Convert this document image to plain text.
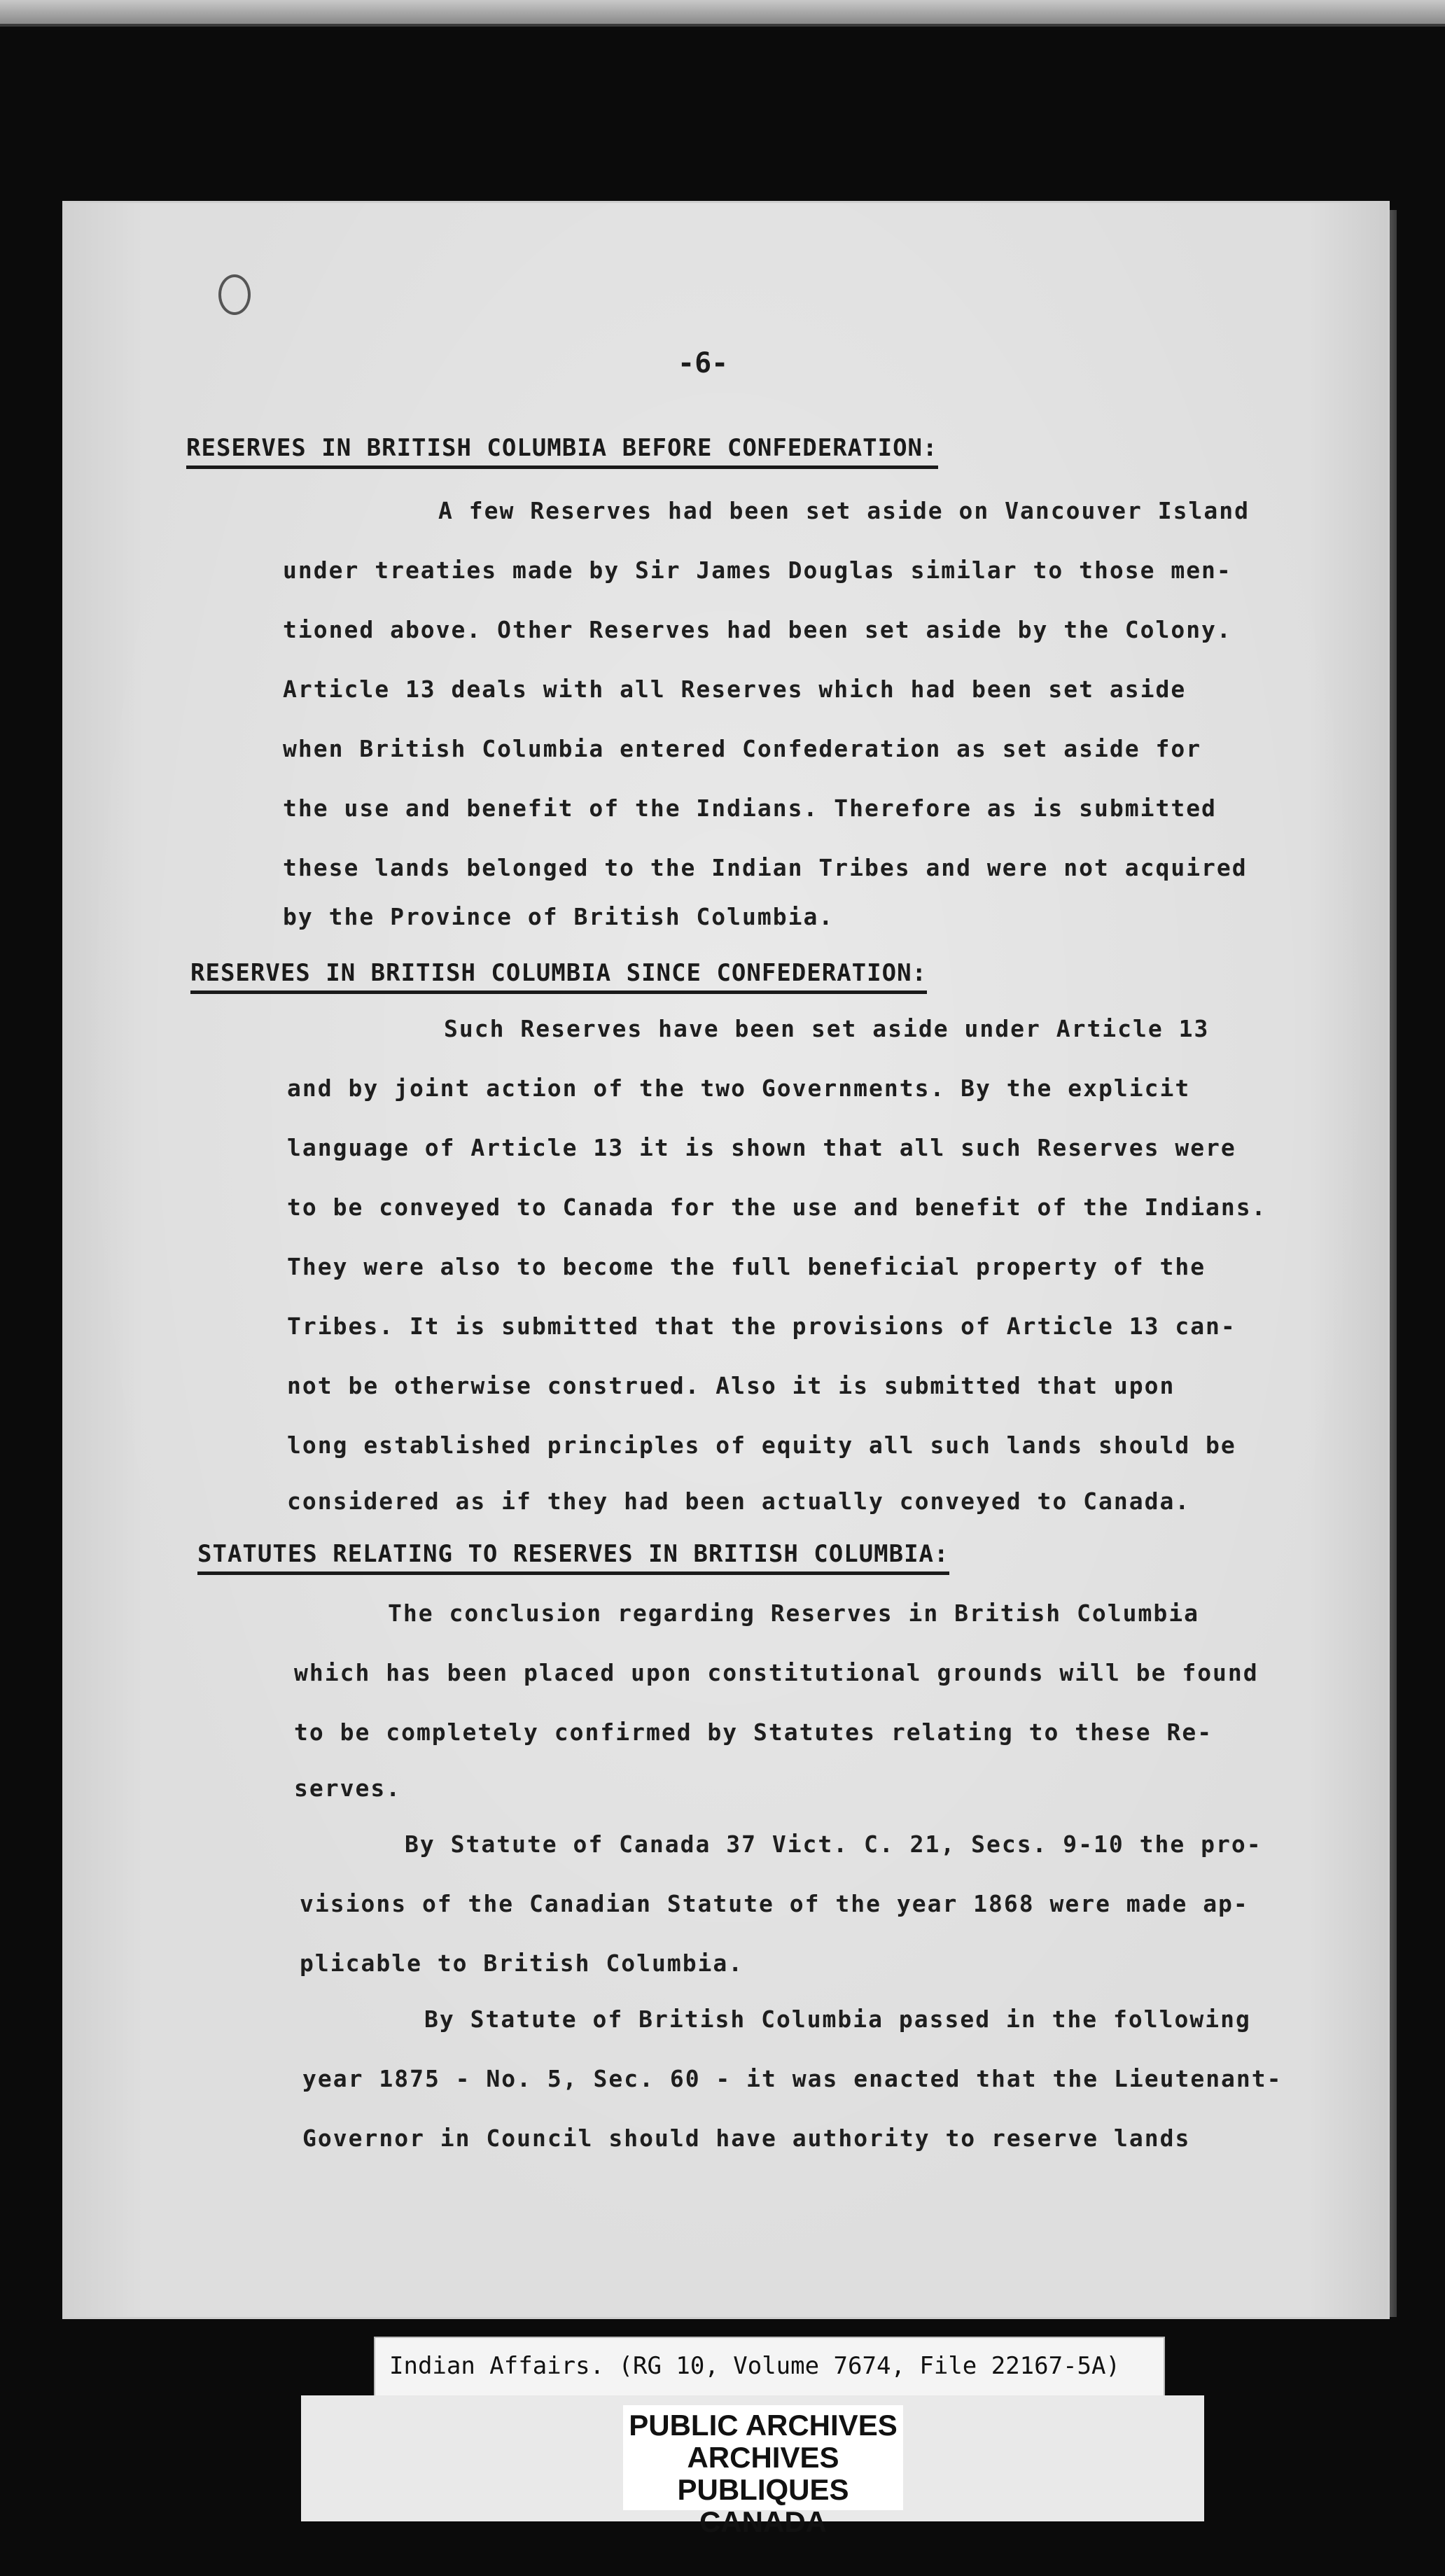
-6-
RESERVES IN BRITISH COLUMBIA BEFORE CONFEDERATION:
A few Reserves had been set aside on Vancouver Island
under treaties made by Sir James Douglas similar to those men-
tioned above. Other Reserves had been set aside by the Colony.
Article 13 deals with all Reserves which had been set aside
when British Columbia entered Confederation as set aside for
the use and benefit of the Indians. Therefore as is submitted
these lands belonged to the Indian Tribes and were not acquired
by the Province of British Columbia.
RESERVES IN BRITISH COLUMBIA SINCE CONFEDERATION:
Such Reserves have been set aside under Article 13
and by joint action of the two Governments. By the explicit
language of Article 13 it is shown that all such Reserves were
to be conveyed to Canada for the use and benefit of the Indians.
They were also to become the full beneficial property of the
Tribes. It is submitted that the provisions of Article 13 can-
not be otherwise construed. Also it is submitted that upon
long established principles of equity all such lands should be
considered as if they had been actually conveyed to Canada.
STATUTES RELATING TO RESERVES IN BRITISH COLUMBIA:
The conclusion regarding Reserves in British Columbia
which has been placed upon constitutional grounds will be found
to be completely confirmed by Statutes relating to these Re-
serves.
By Statute of Canada 37 Vict. C. 21, Secs. 9-10 the pro-
visions of the Canadian Statute of the year 1868 were made ap-
plicable to British Columbia.
By Statute of British Columbia passed in the following
year 1875 - No. 5, Sec. 60 - it was enacted that the Lieutenant-
Governor in Council should have authority to reserve lands
Indian Affairs. (RG 10, Volume 7674, File 22167-5A)
PUBLIC ARCHIVES
ARCHIVES PUBLIQUES
CANADA
